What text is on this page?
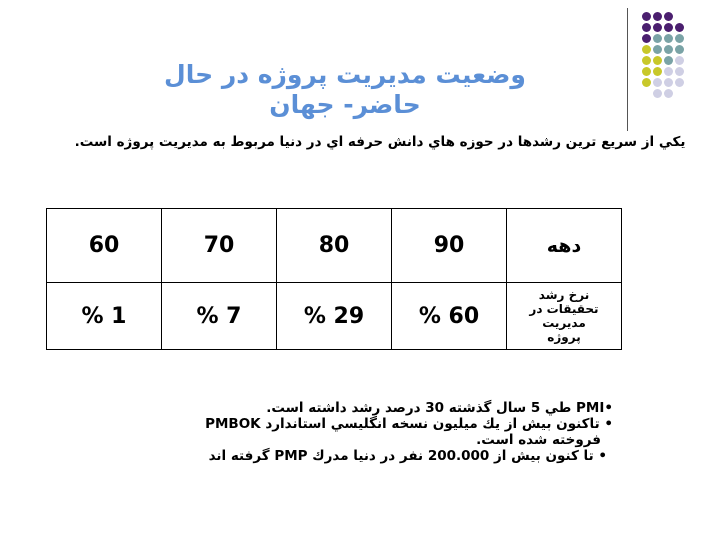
وضعيت مديريت پروژه در حال
حاضر- جهان
يكي از سريع ترين رشدها در حوزه هاي دانش حرفه اي در دنيا مربوط به مديريت پروژه است.
60	70	80	90	دهه
% 1	% 7	% 29	% 60	نرخ رشد تحقيقات در مديريت پروژه

•PMI طي 5 سال گذشته 30 درصد رشد داشته است.

• تاكنون بيش از يك ميليون نسخه انگليسي استاندارد PMBOK

فروخته شده است.

• تا كنون بيش از 200.000 نفر در دنيا مدرك PMP گرفته اند
